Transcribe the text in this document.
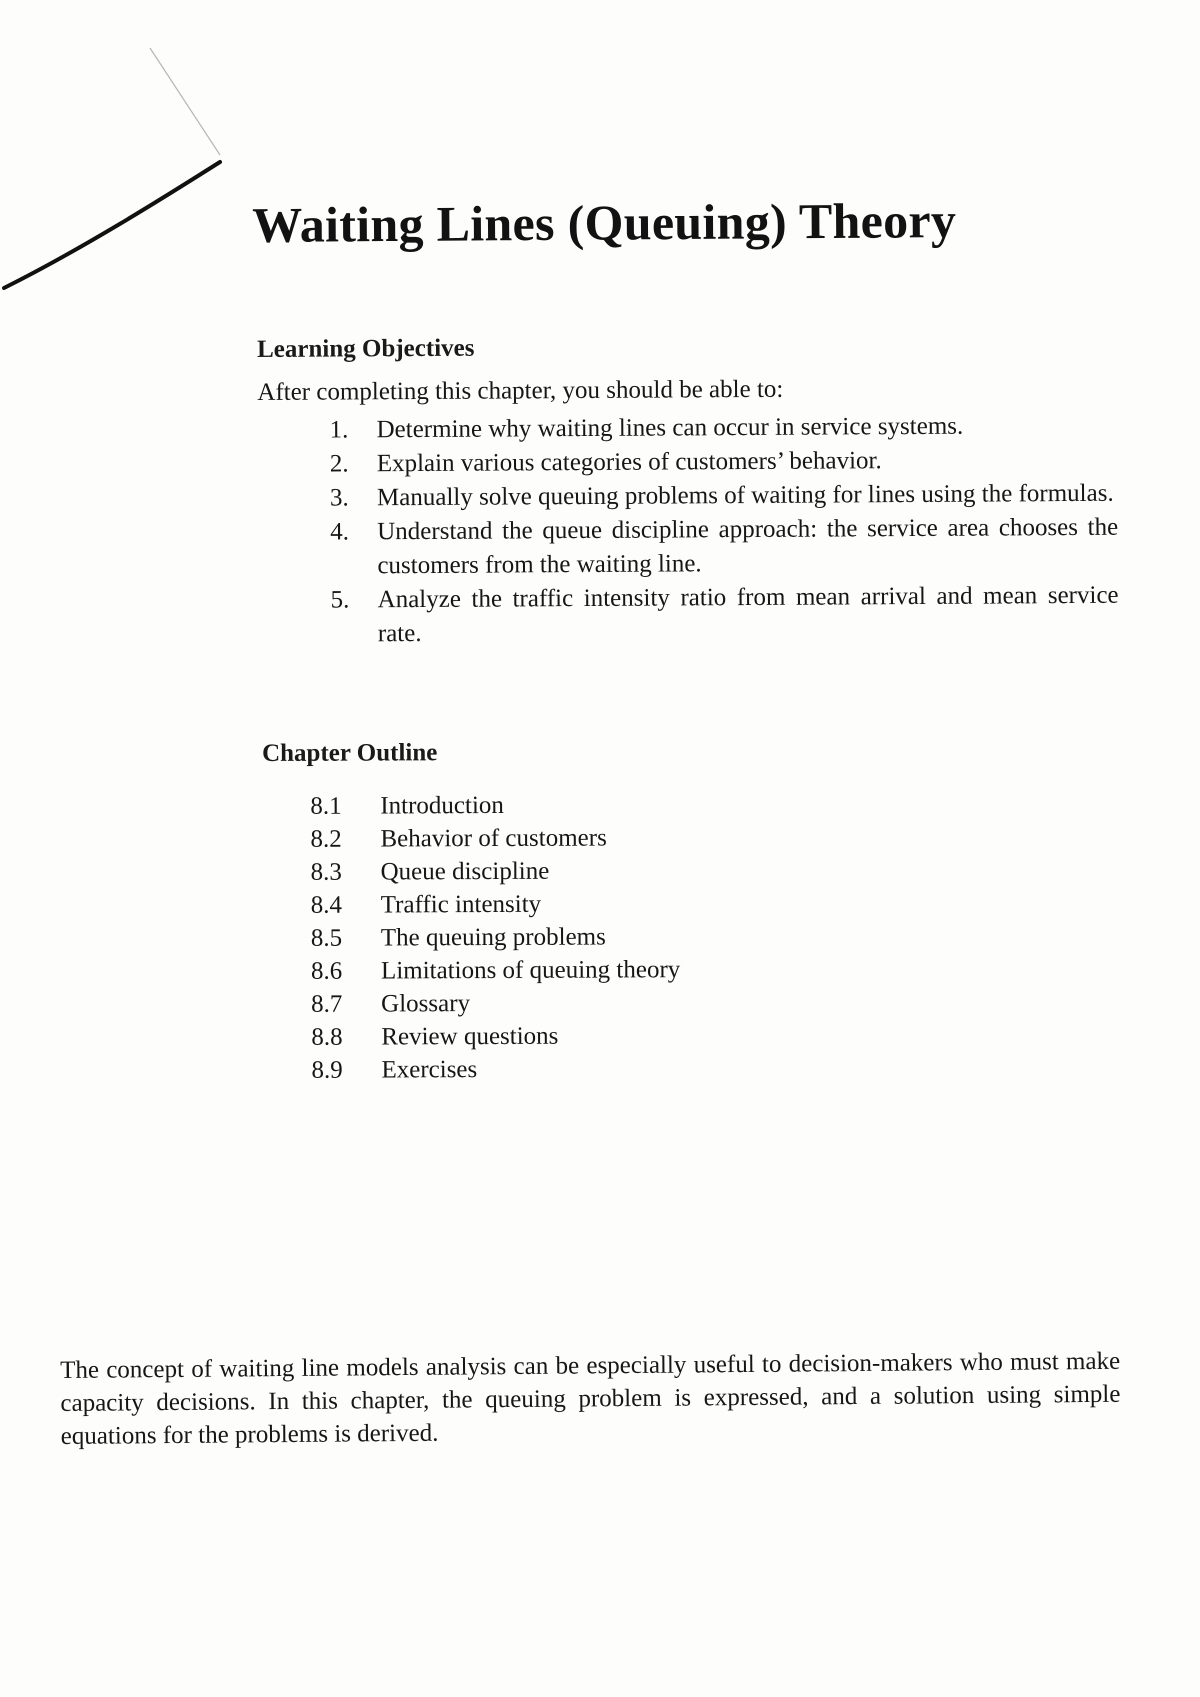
Waiting Lines (Queuing) Theory
Learning Objectives

After completing this chapter, you should be able to:

1.	Determine why waiting lines can occur in service systems.
2.	Explain various categories of customers’ behavior.
3.	Manually solve queuing problems of waiting for lines using the formulas.
4.	Understand the queue discipline approach: the service area chooses the customers from the waiting line.
5.	Analyze the traffic intensity ratio from mean arrival and mean service rate.
Chapter Outline
8.1 Introduction
8.2 Behavior of customers
8.3 Queue discipline
8.4 Traffic intensity
8.5 The queuing problems
8.6 Limitations of queuing theory
8.7 Glossary
8.8 Review questions
8.9 Exercises

The concept of waiting line models analysis can be especially useful to decision-makers who must make capacity decisions. In this chapter, the queuing problem is expressed, and a solution using simple equations for the problems is derived.
